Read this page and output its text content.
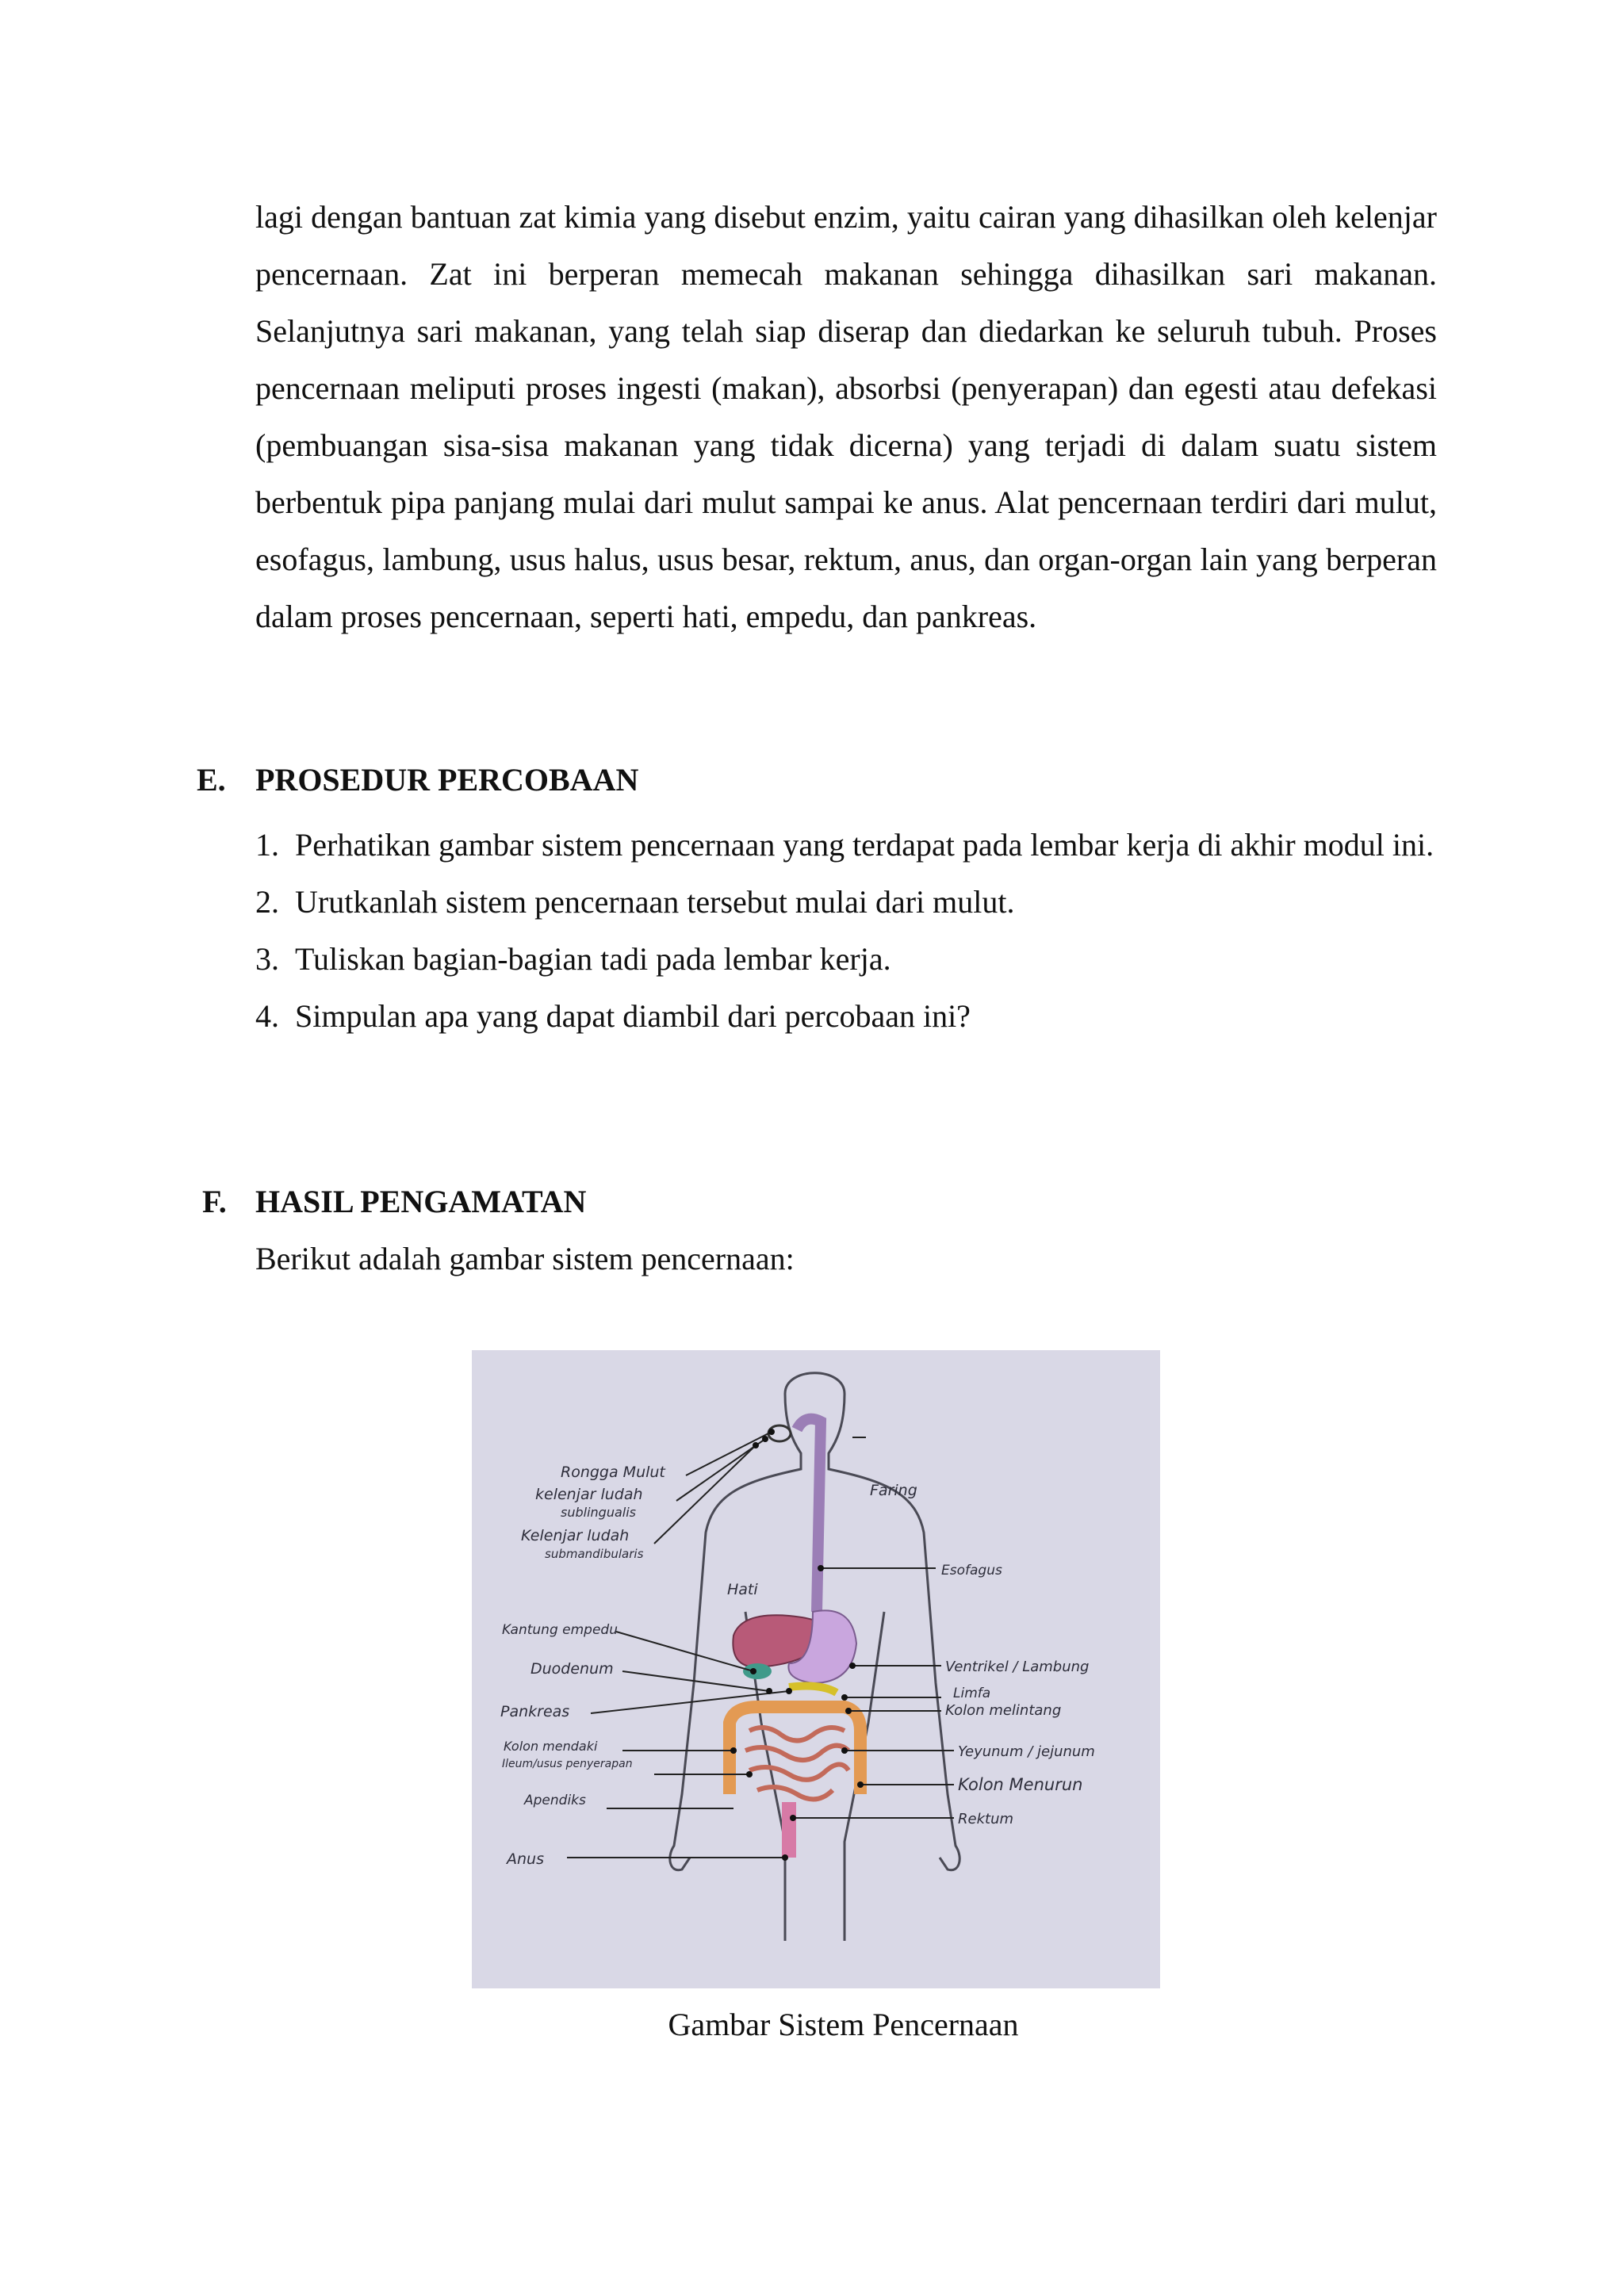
lagi dengan bantuan zat kimia yang disebut enzim, yaitu cairan yang dihasilkan oleh kelenjar pencernaan. Zat ini berperan memecah makanan sehingga dihasilkan sari makanan. Selanjutnya sari makanan, yang telah siap diserap dan diedarkan ke seluruh tubuh. Proses pencernaan meliputi proses ingesti (makan), absorbsi (penyerapan) dan egesti atau defekasi (pembuangan sisa-sisa makanan yang tidak dicerna) yang terjadi di dalam suatu sistem berbentuk pipa panjang mulai dari mulut sampai ke anus. Alat pencernaan terdiri dari mulut, esofagus, lambung, usus halus, usus besar, rektum, anus, dan organ-organ lain yang berperan dalam proses pencernaan, seperti hati, empedu, dan pankreas.

E. PROSEDUR PERCOBAAN
1. Perhatikan gambar sistem pencernaan yang terdapat pada lembar kerja di akhir modul ini.
2. Urutkanlah sistem pencernaan tersebut mulai dari mulut.
3. Tuliskan bagian-bagian tadi pada lembar kerja.
4. Simpulan apa yang dapat diambil dari percobaan ini?
F. HASIL PENGAMATAN
Berikut adalah gambar sistem pencernaan:
Rongga Mulut
kelenjar ludah
sublingualis
Kelenjar ludah
submandibularis
Hati
Kantung empedu
Duodenum
Pankreas
Kolon mendaki
Ileum/usus penyerapan
Apendiks
Anus
Faring
Esofagus
Ventrikel / Lambung
Limfa
Kolon melintang
Yeyunum / jejunum
Kolon Menurun
Rektum
Gambar Sistem Pencernaan
